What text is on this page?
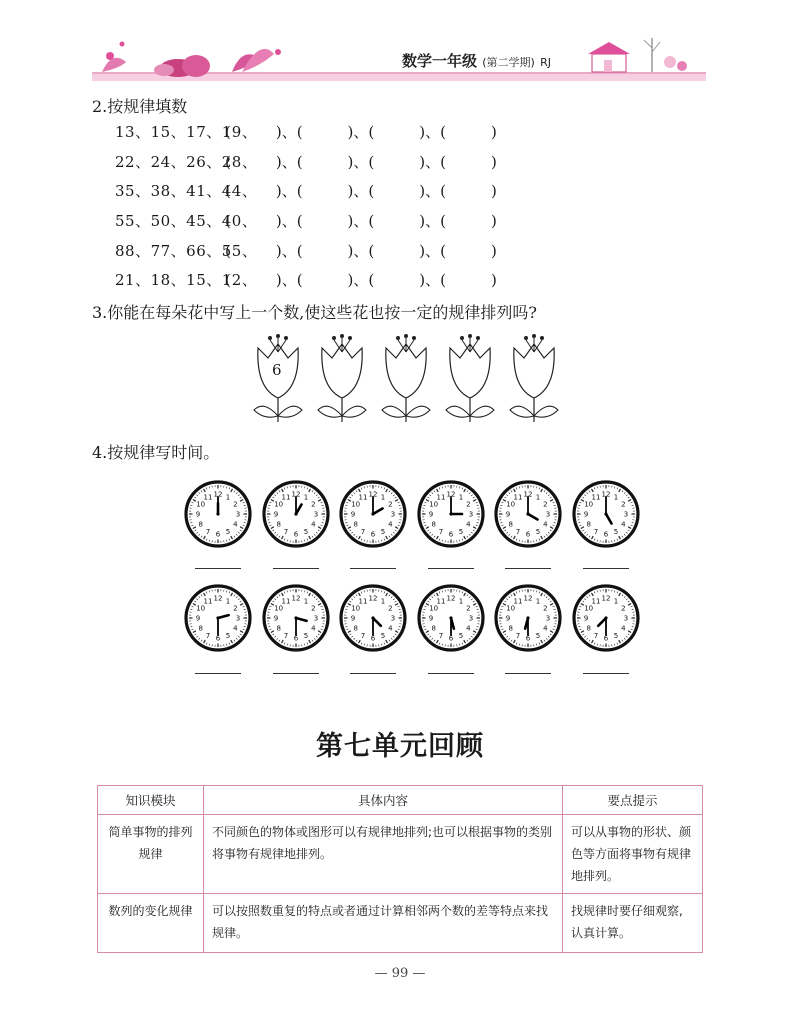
数学一年级 (第二学期) RJ
2.按规律填数
13、15、17、19、
(　　　)、(　　　)、(　　　)、(　　　)
22、24、26、28、
(　　　)、(　　　)、(　　　)、(　　　)
35、38、41、44、
(　　　)、(　　　)、(　　　)、(　　　)
55、50、45、40、
(　　　)、(　　　)、(　　　)、(　　　)
88、77、66、55、
(　　　)、(　　　)、(　　　)、(　　　)
21、18、15、12、
(　　　)、(　　　)、(　　　)、(　　　)
3.你能在每朵花中写上一个数,使这些花也按一定的规律排列吗?
6
4.按规律写时间。
12 1
2
3
4
5
6
7
8
9
10
11	12 1
2
3
4
5
6
7
8
9
10
11	12 1
2
3
4
5
6
7
8
9
10
11	12 1
2
3
4
5
6
7
8
9
10
11	12 1
2
3
4
5
6
7
8
9
10
11	12 1
2
3
4
5
6
7
8
9
10
11
12 1
2
3
4
5
6
7
8
9
10
11	12 1
2
3
4
5
6
7
8
9
10
11	12 1
2
3
4
5
6
7
8
9
10
11	12 1
2
3
4
5
6
7
8
9
10
11	12 1
2
3
4
5
6
7
8
9
10
11	12 1
2
3
4
5
6
7
8
9
10
11
第七单元回顾
知识模块	具体内容	要点提示
简单事物的排列规律	不同颜色的物体或图形可以有规律地排列;也可以根据事物的类别将事物有规律地排列。	可以从事物的形状、颜色等方面将事物有规律地排列。
数列的变化规律	可以按照数重复的特点或者通过计算相邻两个数的差等特点来找规律。	找规律时要仔细观察,认真计算。
— 99 —
